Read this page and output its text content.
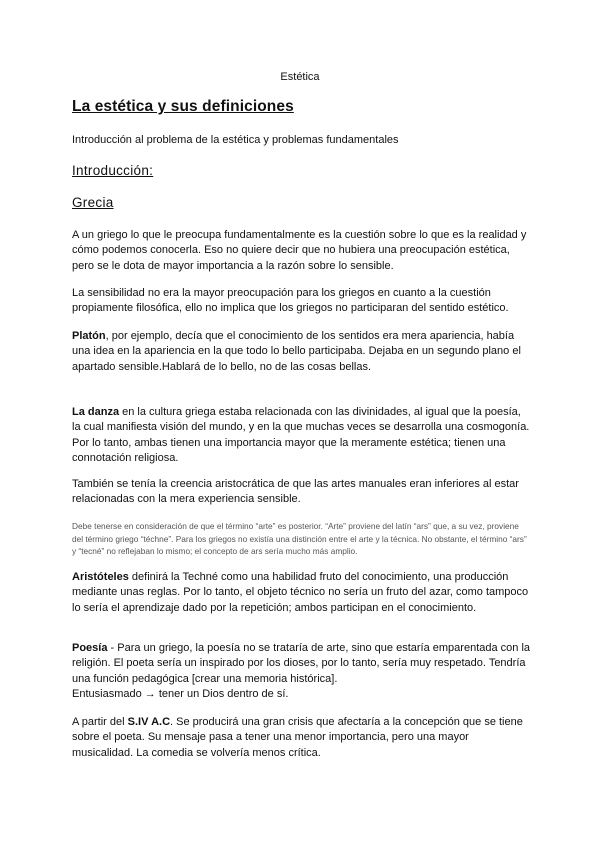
Estética
La estética y sus definiciones
Introducción al problema de la estética y problemas fundamentales
Introducción:
Grecia
A un griego lo que le preocupa fundamentalmente es la cuestión sobre lo que es la realidad y cómo podemos conocerla. Eso no quiere decir que no hubiera una preocupación estética, pero se le dota de mayor importancia a la razón sobre lo sensible.
La sensibilidad no era la mayor preocupación para los griegos en cuanto a la cuestión propiamente filosófica, ello no implica que los griegos no participaran del sentido estético.
Platón, por ejemplo, decía que el conocimiento de los sentidos era mera apariencia, había una idea en la apariencia en la que todo lo bello participaba. Dejaba en un segundo plano el apartado sensible.Hablará de lo bello, no de las cosas bellas.
La danza en la cultura griega estaba relacionada con las divinidades, al igual que la poesía, la cual manifiesta visión del mundo, y en la que muchas veces se desarrolla una cosmogonía. Por lo tanto, ambas tienen una importancia mayor que la meramente estética; tienen una connotación religiosa.
También se tenía la creencia aristocrática de que las artes manuales eran inferiores al estar relacionadas con la mera experiencia sensible.
Debe tenerse en consideración de que el término “arte” es posterior. “Arte” proviene del latín “ars” que, a su vez, proviene del término griego “téchne”. Para los griegos no existía una distinción entre el arte y la técnica. No obstante, el término “ars” y “tecné” no reflejaban lo mismo; el concepto de ars sería mucho más amplio.
Aristóteles definirá la Techné como una habilidad fruto del conocimiento, una producción mediante unas reglas. Por lo tanto, el objeto técnico no sería un fruto del azar, como tampoco lo sería el aprendizaje dado por la repetición; ambos participan en el conocimiento.
Poesía - Para un griego, la poesía no se trataría de arte, sino que estaría emparentada con la religión. El poeta sería un inspirado por los dioses, por lo tanto, sería muy respetado. Tendría una función pedagógica [crear una memoria histórica].
Entusiasmado → tener un Dios dentro de sí.
A partir del S.IV A.C. Se producirá una gran crisis que afectaría a la concepción que se tiene sobre el poeta. Su mensaje pasa a tener una menor importancia, pero una mayor musicalidad. La comedia se volvería menos crítica.
